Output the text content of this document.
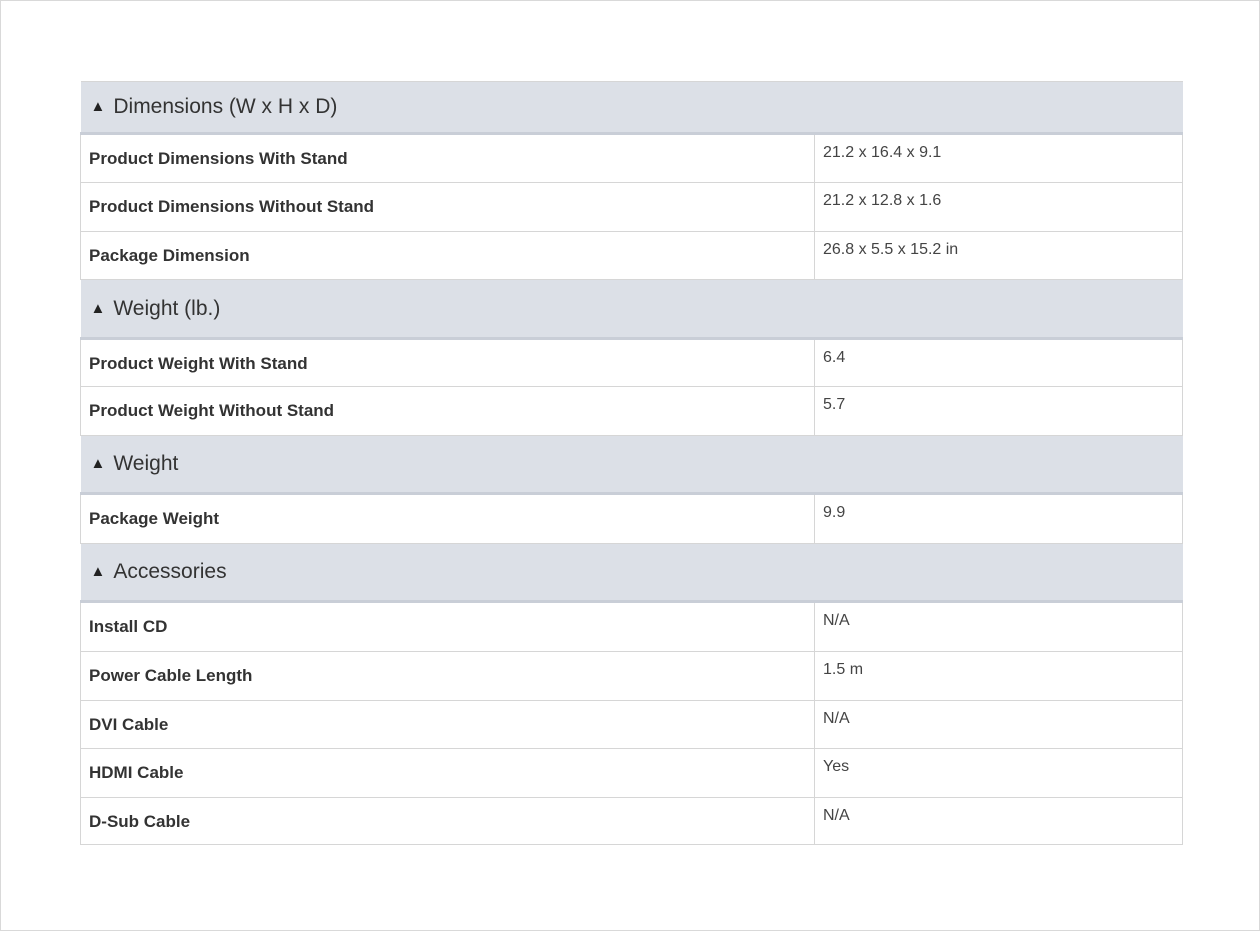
▲ Dimensions (W x H x D)	
Product Dimensions With Stand	21.2 x 16.4 x 9.1
Product Dimensions Without Stand	21.2 x 12.8 x 1.6
Package Dimension	26.8 x 5.5 x 15.2 in
▲ Weight (lb.)	
Product Weight With Stand	6.4
Product Weight Without Stand	5.7
▲ Weight	
Package Weight	9.9
▲ Accessories	
Install CD	N/A
Power Cable Length	1.5 m
DVI Cable	N/A
HDMI Cable	Yes
D-Sub Cable	N/A
